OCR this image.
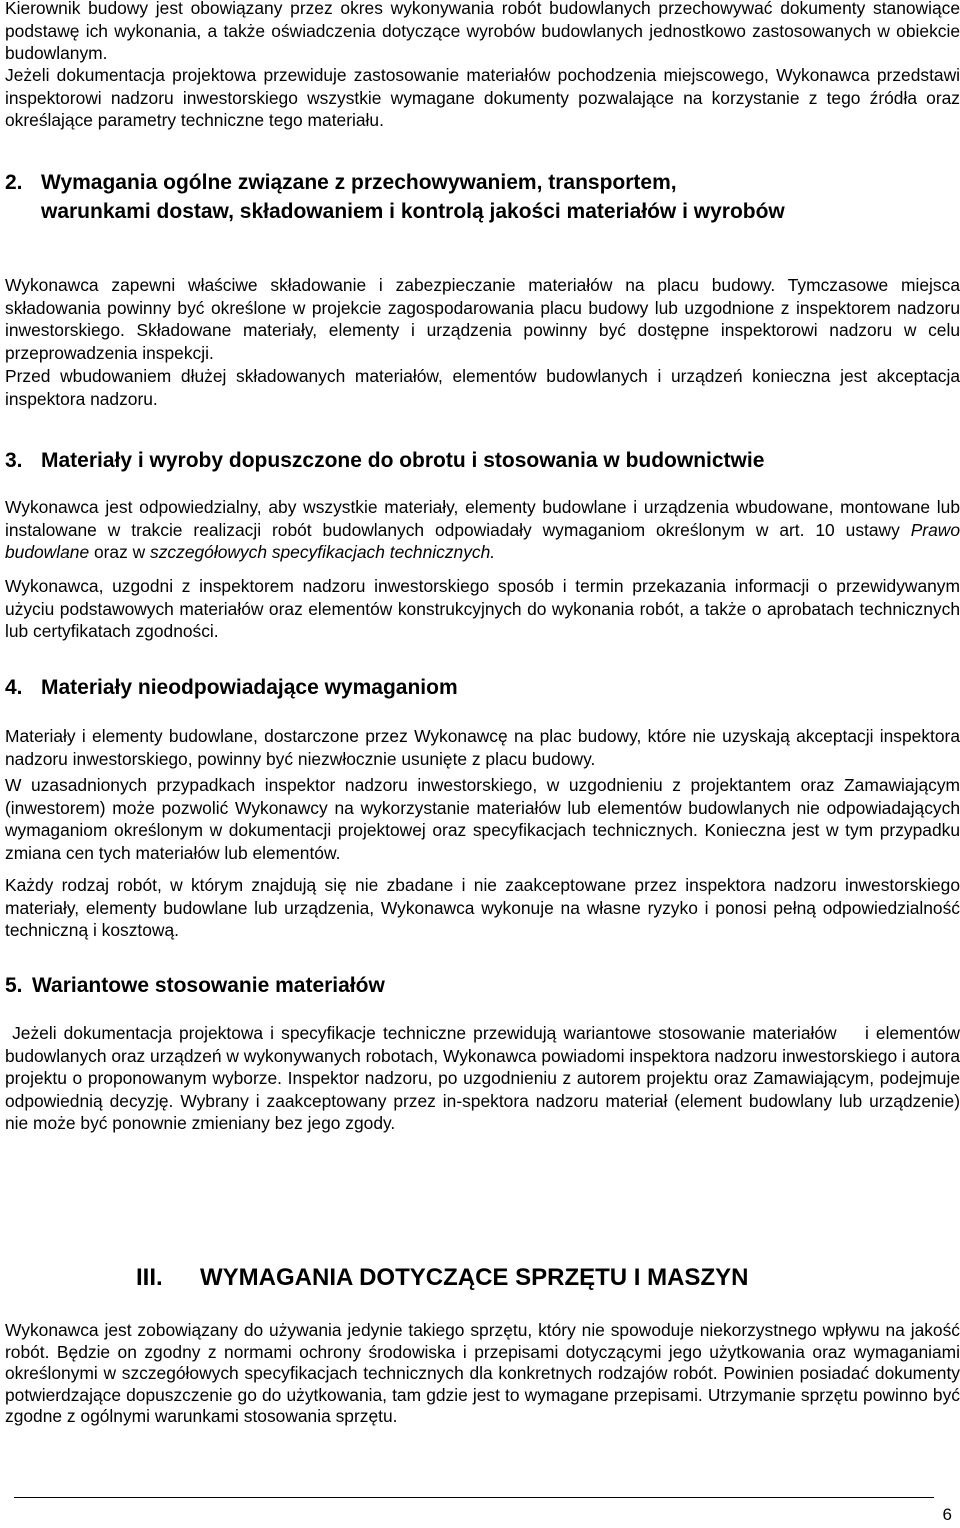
Kierownik budowy jest obowiązany przez okres wykonywania robót budowlanych przechowywać dokumenty stanowiące podstawę ich wykonania, a także oświadczenia dotyczące wyrobów budowlanych jednostkowo zastosowanych w obiekcie budowlanym.

Jeżeli dokumentacja projektowa przewiduje zastosowanie materiałów pochodzenia miejscowego, Wykonawca przedstawi inspektorowi nadzoru inwestorskiego wszystkie wymagane dokumenty pozwalające na korzystanie z tego źródła oraz określające parametry techniczne tego materiału.

2. Wymagania ogólne związane z przechowywaniem, transportem, warunkami dostaw, składowaniem i kontrolą jakości materiałów i wyrobów

Wykonawca zapewni właściwe składowanie i zabezpieczanie materiałów na placu budowy. Tymczasowe miejsca składowania powinny być określone w projekcie zagospodarowania placu budowy lub uzgodnione z inspektorem nadzoru inwestorskiego. Składowane materiały, elementy i urządzenia powinny być dostępne inspektorowi nadzoru w celu przeprowadzenia inspekcji.

Przed wbudowaniem dłużej składowanych materiałów, elementów budowlanych i urządzeń konieczna jest akceptacja inspektora nadzoru.

3. Materiały i wyroby dopuszczone do obrotu i stosowania w budownictwie

Wykonawca jest odpowiedzialny, aby wszystkie materiały, elementy budowlane i urządzenia wbudowane, montowane lub instalowane w trakcie realizacji robót budowlanych odpowiadały wymaganiom określonym w art. 10 ustawy Prawo budowlane oraz w szczegółowych specyfikacjach technicznych.

Wykonawca, uzgodni z inspektorem nadzoru inwestorskiego sposób i termin przekazania informacji o przewidywanym użyciu podstawowych materiałów oraz elementów konstrukcyjnych do wykonania robót, a także o aprobatach technicznych lub certyfikatach zgodności.

4. Materiały nieodpowiadające wymaganiom

Materiały i elementy budowlane, dostarczone przez Wykonawcę na plac budowy, które nie uzyskają akceptacji inspektora nadzoru inwestorskiego, powinny być niezwłocznie usunięte z placu budowy.

W uzasadnionych przypadkach inspektor nadzoru inwestorskiego, w uzgodnieniu z projektantem oraz Zamawiającym (inwestorem) może pozwolić Wykonawcy na wykorzystanie materiałów lub elementów budowlanych nie odpowiadających wymaganiom określonym w dokumentacji projektowej oraz specyfikacjach technicznych. Konieczna jest w tym przypadku zmiana cen tych materiałów lub elementów.

Każdy rodzaj robót, w którym znajdują się nie zbadane i nie zaakceptowane przez inspektora nadzoru inwestorskiego materiały, elementy budowlane lub urządzenia, Wykonawca wykonuje na własne ryzyko i ponosi pełną odpowiedzialność techniczną i kosztową.

5. Wariantowe stosowanie materiałów

Jeżeli dokumentacja projektowa i specyfikacje techniczne przewidują wariantowe stosowanie materiałów    i elementów budowlanych oraz urządzeń w wykonywanych robotach, Wykonawca powiadomi inspektora nadzoru inwestorskiego i autora projektu o proponowanym wyborze. Inspektor nadzoru, po uzgodnieniu z autorem projektu oraz Zamawiającym, podejmuje odpowiednią decyzję. Wybrany i zaakceptowany przez in-spektora nadzoru materiał (element budowlany lub urządzenie) nie może być ponownie zmieniany bez jego zgody.

III. WYMAGANIA DOTYCZĄCE SPRZĘTU I MASZYN

Wykonawca jest zobowiązany do używania jedynie takiego sprzętu, który nie spowoduje niekorzystnego wpływu na jakość robót. Będzie on zgodny z normami ochrony środowiska i przepisami dotyczącymi jego użytkowania oraz wymaganiami określonymi w szczegółowych specyfikacjach technicznych dla konkretnych rodzajów robót. Powinien posiadać dokumenty potwierdzające dopuszczenie go do użytkowania, tam gdzie jest to wymagane przepisami. Utrzymanie sprzętu powinno być zgodne z ogólnymi warunkami stosowania sprzętu.

6
